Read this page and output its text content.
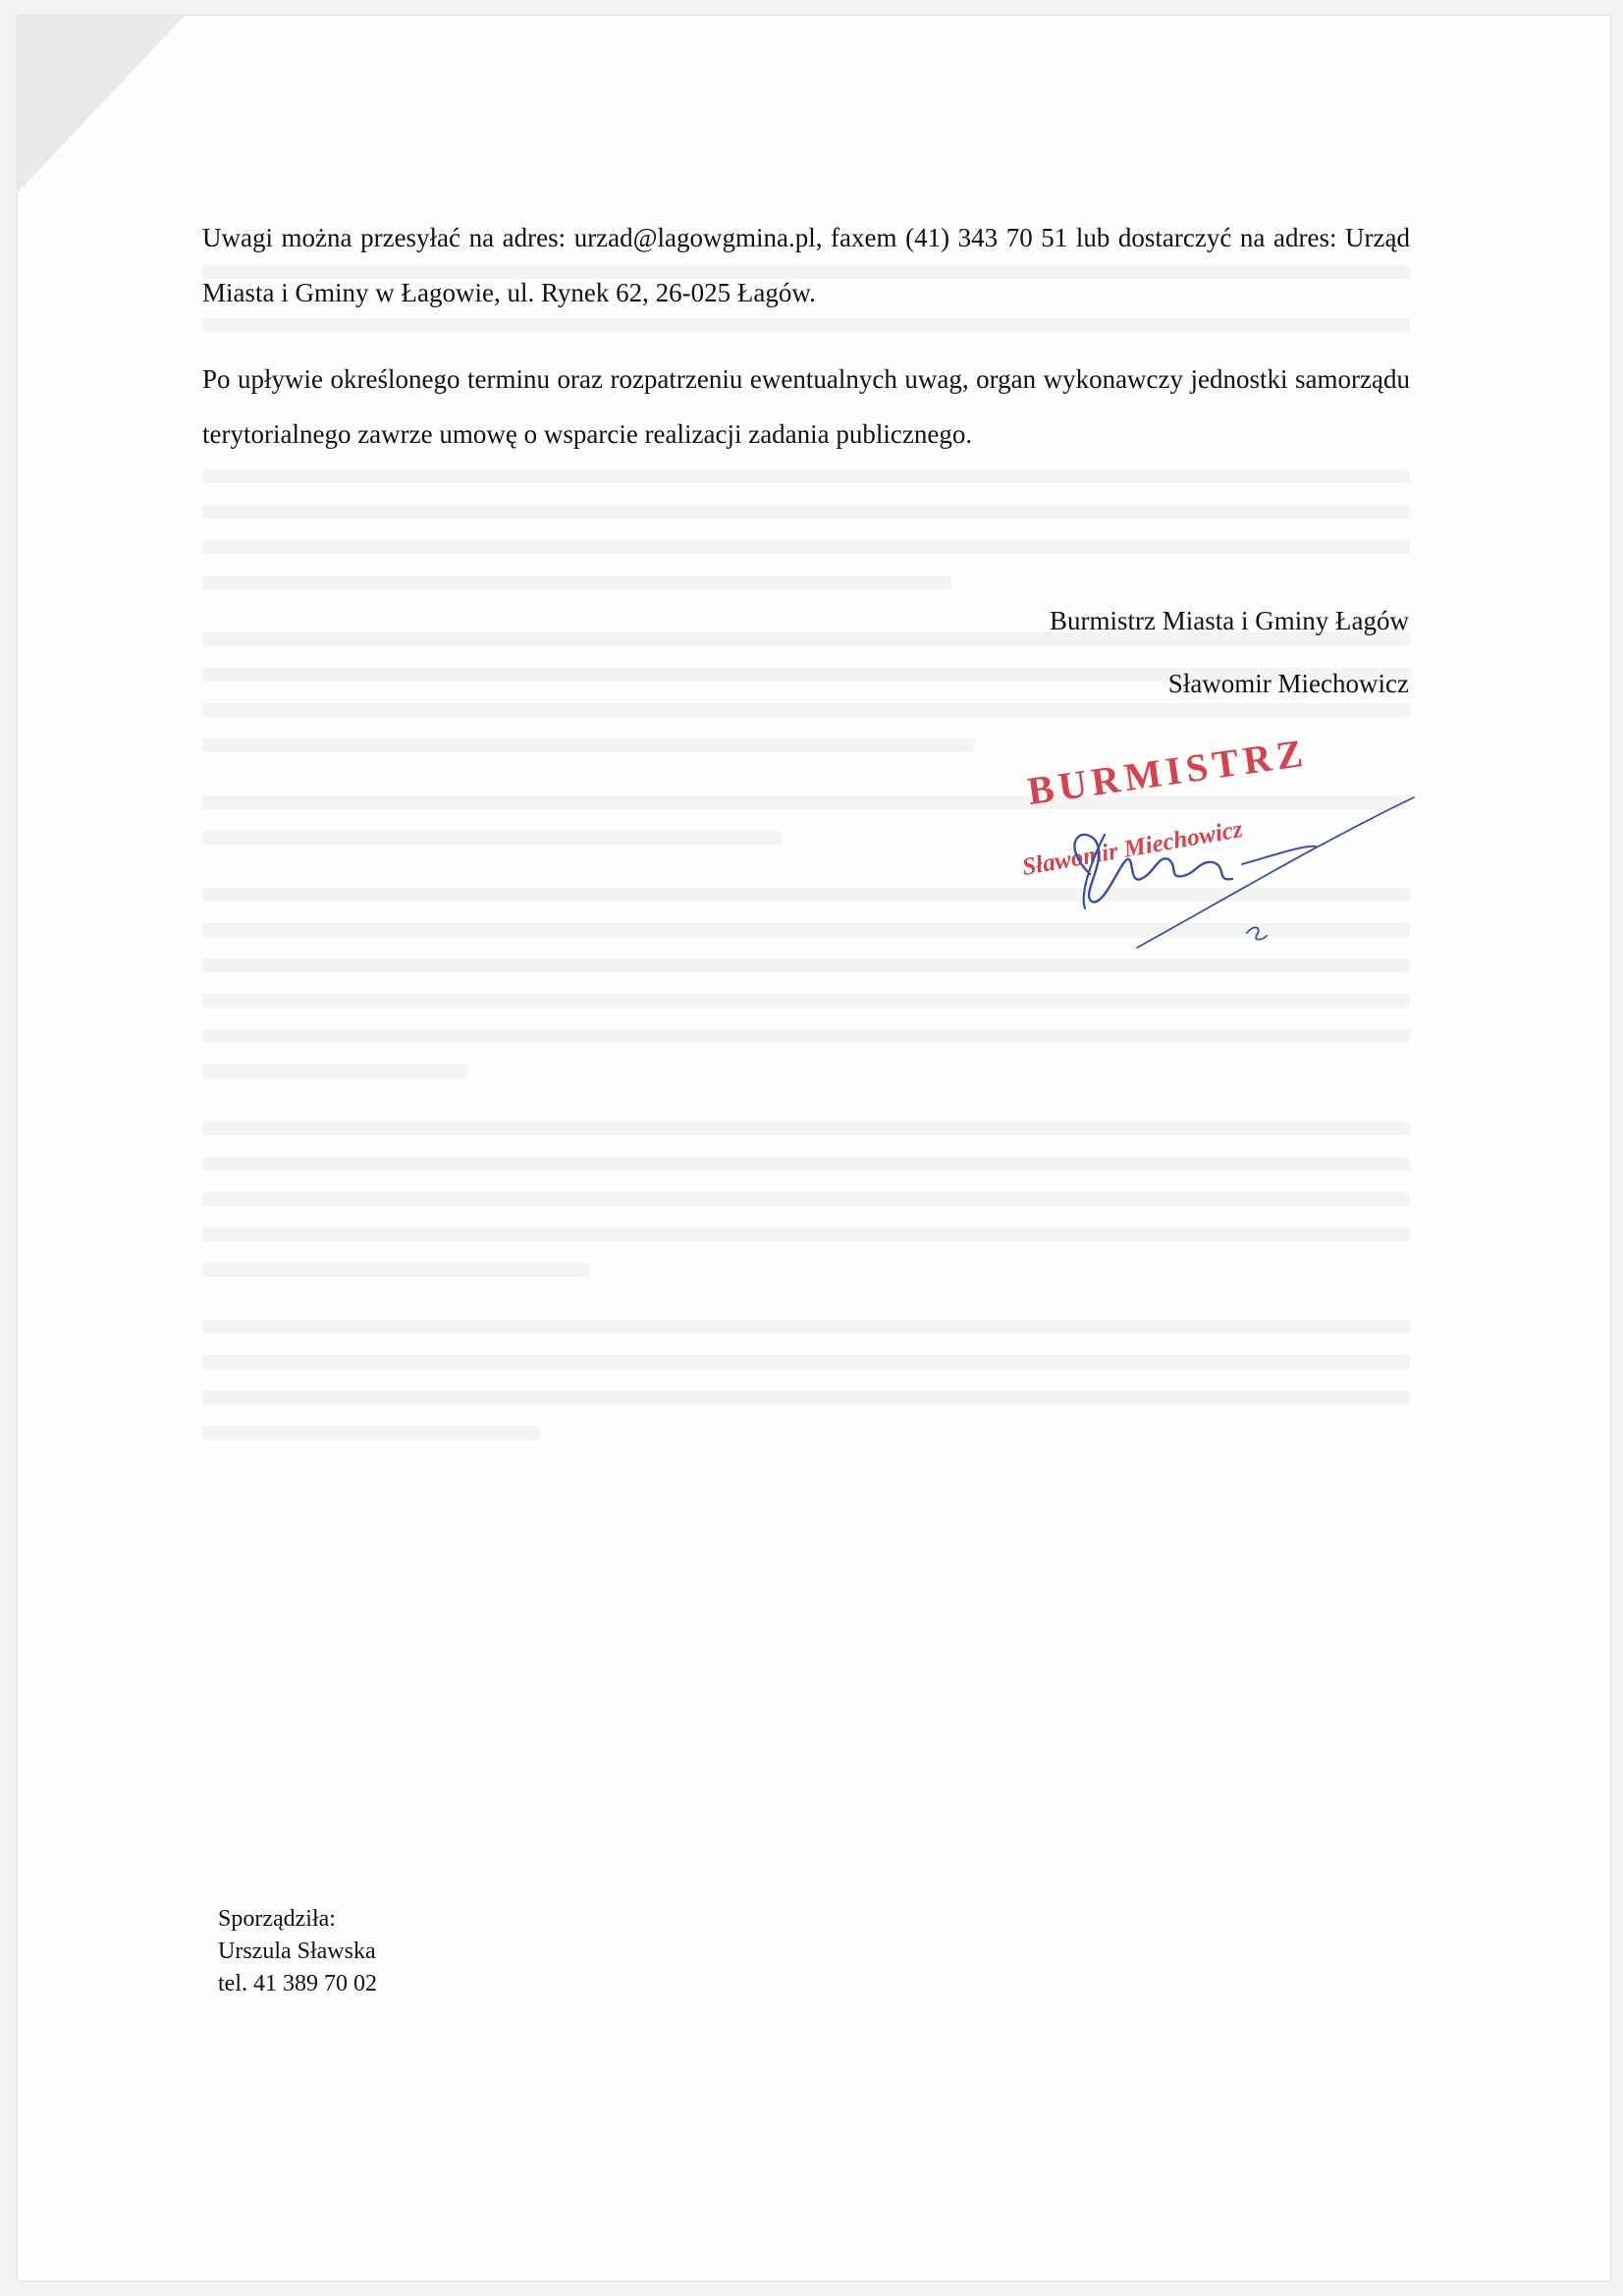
Uwagi można przesyłać na adres: urzad@lagowgmina.pl, faxem (41) 343 70 51 lub dostarczyć na adres: Urząd Miasta i Gminy w Łagowie, ul. Rynek 62, 26-025 Łagów.
Po upływie określonego terminu oraz rozpatrzeniu ewentualnych uwag, organ wykonawczy jednostki samorządu terytorialnego zawrze umowę o wsparcie realizacji zadania publicznego.
Burmistrz Miasta i Gminy Łagów
Sławomir Miechowicz
BURMISTRZ
Sławomir Miechowicz
Sporządziła:
Urszula Sławska
tel. 41 389 70 02
